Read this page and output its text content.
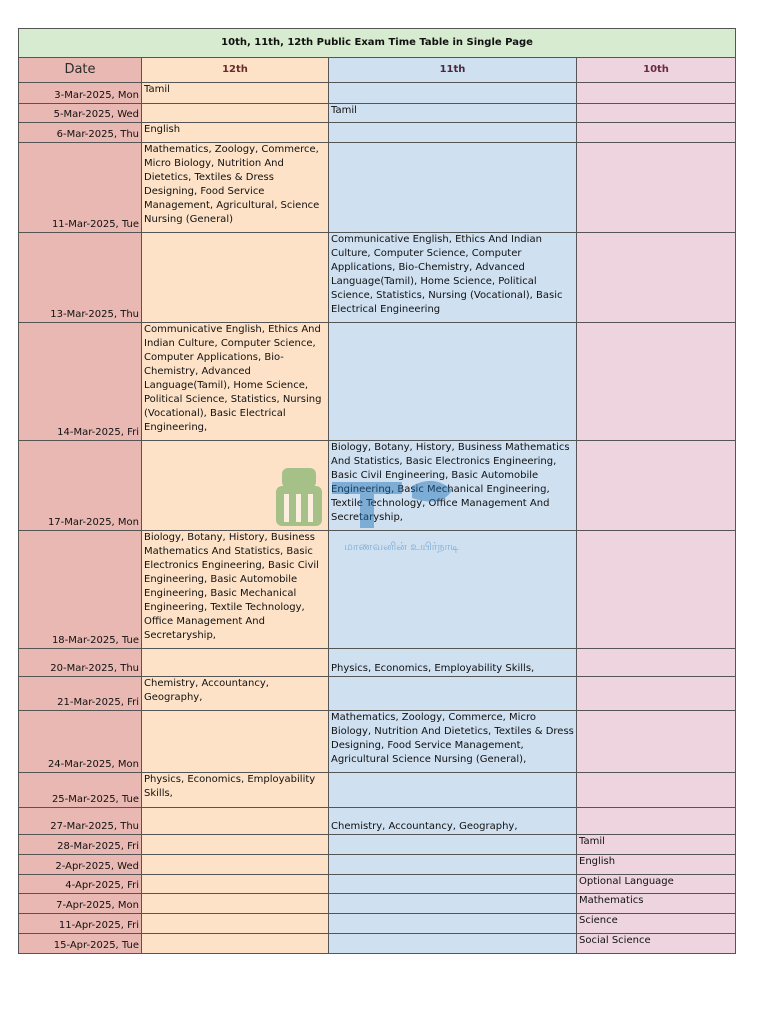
10th, 11th, 12th Public Exam Time Table in Single Page			
Date	12th	11th	10th
3-Mar-2025, Mon	Tamil		
5-Mar-2025, Wed		Tamil	
6-Mar-2025, Thu	English		
11-Mar-2025, Tue	Mathematics, Zoology, Commerce, Micro Biology, Nutrition And Dietetics, Textiles & Dress Designing, Food Service Management, Agricultural, Science Nursing (General)		
13-Mar-2025, Thu		Communicative English, Ethics And Indian Culture, Computer Science, Computer Applications, Bio-Chemistry, Advanced Language(Tamil), Home Science, Political Science, Statistics, Nursing (Vocational), Basic Electrical Engineering	
14-Mar-2025, Fri	Communicative English, Ethics And Indian Culture, Computer Science, Computer Applications, Bio-Chemistry, Advanced Language(Tamil), Home Science, Political Science, Statistics, Nursing (Vocational), Basic Electrical Engineering,		
17-Mar-2025, Mon		Biology, Botany, History, Business Mathematics And Statistics, Basic Electronics Engineering, Basic Civil Engineering, Basic Automobile Engineering, Basic Mechanical Engineering, Textile Technology, Office Management And Secretaryship,	
18-Mar-2025, Tue	Biology, Botany, History, Business Mathematics And Statistics, Basic Electronics Engineering, Basic Civil Engineering, Basic Automobile Engineering, Basic Mechanical Engineering, Textile Technology, Office Management And Secretaryship,		
20-Mar-2025, Thu		Physics, Economics, Employability Skills,	
21-Mar-2025, Fri	Chemistry, Accountancy, Geography,		
24-Mar-2025, Mon		Mathematics, Zoology, Commerce, Micro Biology, Nutrition And Dietetics, Textiles & Dress Designing, Food Service Management, Agricultural Science Nursing (General),	
25-Mar-2025, Tue	Physics, Economics, Employability Skills,		
27-Mar-2025, Thu		Chemistry, Accountancy, Geography,	
28-Mar-2025, Fri			Tamil
2-Apr-2025, Wed			English
4-Apr-2025, Fri			Optional Language
7-Apr-2025, Mon			Mathematics
11-Apr-2025, Fri			Science
15-Apr-2025, Tue			Social Science
மாணவனின் உயிர்நாடி
